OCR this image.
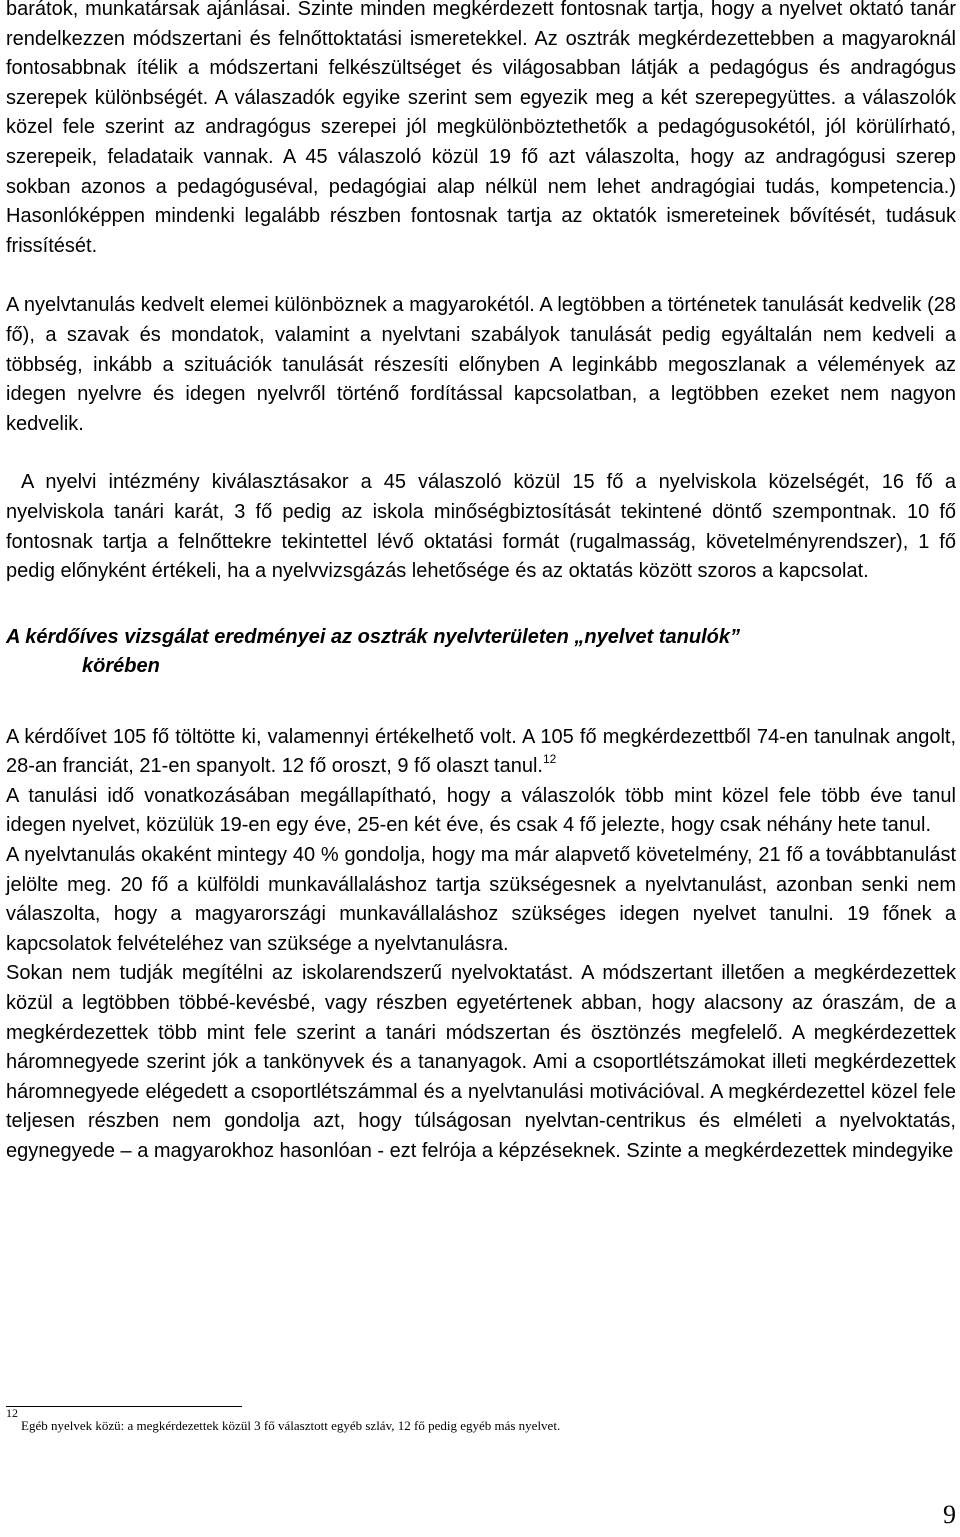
barátok, munkatársak ajánlásai. Szinte minden megkérdezett fontosnak tartja, hogy a nyelvet oktató tanár rendelkezzen módszertani és felnőttoktatási ismeretekkel. Az osztrák megkérdezettebben a magyaroknál fontosabbnak ítélik a módszertani felkészültséget és világosabban látják a pedagógus és andragógus szerepek különbségét. A válaszadók egyike szerint sem egyezik meg a két szerepegyüttes. a válaszolók közel fele szerint az andragógus szerepei jól megkülönböztethetők a pedagógusokétól, jól körülírható, szerepeik, feladataik vannak. A 45 válaszoló közül 19 fő azt válaszolta, hogy az andragógusi szerep sokban azonos a pedagóguséval, pedagógiai alap nélkül nem lehet andragógiai tudás, kompetencia.) Hasonlóképpen mindenki legalább részben fontosnak tartja az oktatók ismereteinek bővítését, tudásuk frissítését.

A nyelvtanulás kedvelt elemei különböznek a magyarokétól. A legtöbben a történetek tanulását kedvelik (28 fő), a szavak és mondatok, valamint a nyelvtani szabályok tanulását pedig egyáltalán nem kedveli a többség, inkább a szituációk tanulását részesíti előnyben A leginkább megoszlanak a vélemények az idegen nyelvre és idegen nyelvről történő fordítással kapcsolatban, a legtöbben ezeket nem nagyon kedvelik.

A nyelvi intézmény kiválasztásakor a 45 válaszoló közül 15 fő a nyelviskola közelségét, 16 fő a nyelviskola tanári karát, 3 fő pedig az iskola minőségbiztosítását tekintené döntő szempontnak. 10 fő fontosnak tartja a felnőttekre tekintettel lévő oktatási formát (rugalmasság, követelményrendszer), 1 fő pedig előnyként értékeli, ha a nyelvvizsgázás lehetősége és az oktatás között szoros a kapcsolat.

A kérdőíves vizsgálat eredményei az osztrák nyelvterületen „nyelvet tanulók”
körében

A kérdőívet 105 fő töltötte ki, valamennyi értékelhető volt. A 105 fő megkérdezettből 74-en tanulnak angolt, 28-an franciát, 21-en spanyolt. 12 fő oroszt, 9 fő olaszt tanul.$^{12}$

A tanulási idő vonatkozásában megállapítható, hogy a válaszolók több mint közel fele több éve tanul idegen nyelvet, közülük 19-en egy éve, 25-en két éve, és csak 4 fő jelezte, hogy csak néhány hete tanul.

A nyelvtanulás okaként mintegy 40 % gondolja, hogy ma már alapvető követelmény, 21 fő a továbbtanulást jelölte meg. 20 fő a külföldi munkavállaláshoz tartja szükségesnek a nyelvtanulást, azonban senki nem válaszolta, hogy a magyarországi munkavállaláshoz szükséges idegen nyelvet tanulni. 19 főnek a kapcsolatok felvételéhez van szüksége a nyelvtanulásra.

Sokan nem tudják megítélni az iskolarendszerű nyelvoktatást. A módszertant illetően a megkérdezettek közül a legtöbben többé-kevésbé, vagy részben egyetértenek abban, hogy alacsony az óraszám, de a megkérdezettek több mint fele szerint a tanári módszertan és ösztönzés megfelelő. A megkérdezettek háromnegyede szerint jók a tankönyvek és a tananyagok. Ami a csoportlétszámokat illeti megkérdezettek háromnegyede elégedett a csoportlétszámmal és a nyelvtanulási motivációval. A megkérdezettel közel fele teljesen részben nem gondolja azt, hogy túlságosan nyelvtan-centrikus és elméleti a nyelvoktatás, egynegyede – a magyarokhoz hasonlóan - ezt felrója a képzéseknek. Szinte a megkérdezettek mindegyike

$^{12}$Egéb nyelvek közü: a megkérdezettek közül 3 fő választott egyéb szláv, 12 fő pedig egyéb más nyelvet.
9
